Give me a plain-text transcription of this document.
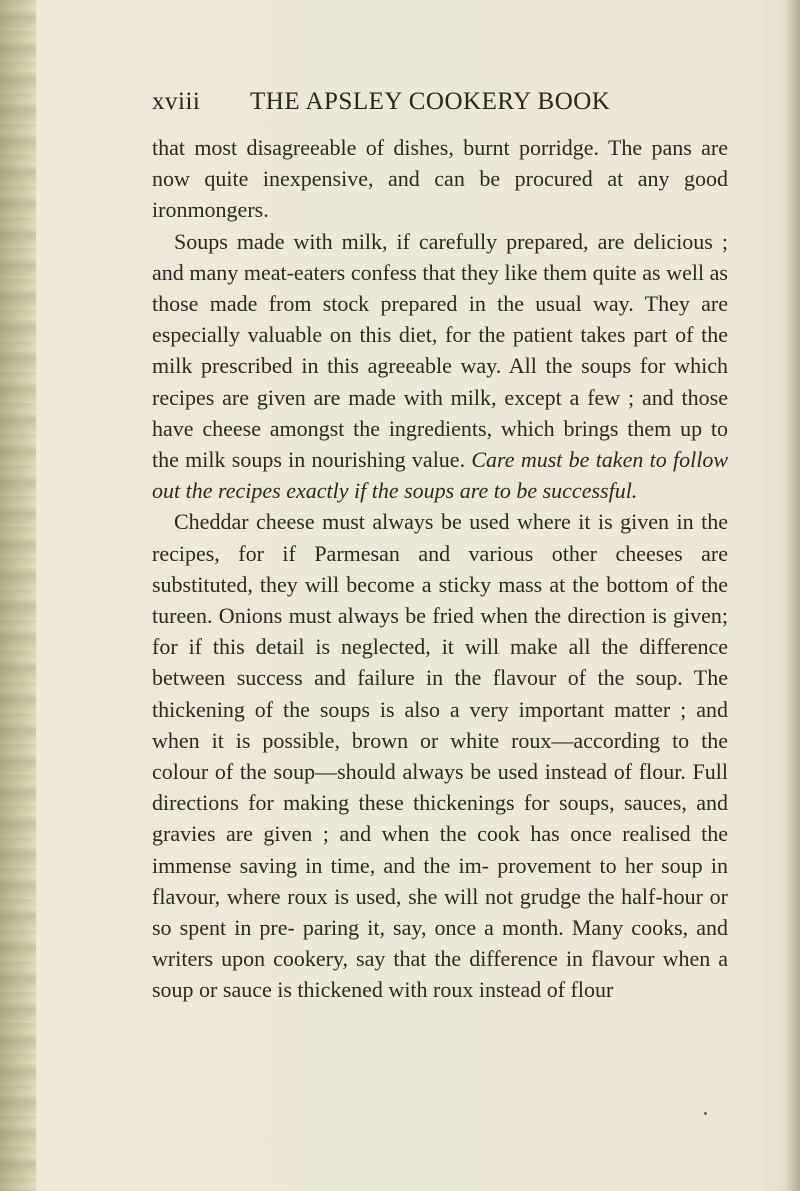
xviii THE APSLEY COOKERY BOOK

that most disagreeable of dishes, burnt porridge. The pans are now quite inexpensive, and can be procured at any good ironmongers.

Soups made with milk, if carefully prepared, are delicious ; and many meat-eaters confess that they like them quite as well as those made from stock prepared in the usual way. They are especially valuable on this diet, for the patient takes part of the milk prescribed in this agreeable way. All the soups for which recipes are given are made with milk, except a few ; and those have cheese amongst the ingredients, which brings them up to the milk soups in nourishing value. Care must be taken to follow out the recipes exactly if the soups are to be successful.

Cheddar cheese must always be used where it is given in the recipes, for if Parmesan and various other cheeses are substituted, they will become a sticky mass at the bottom of the tureen. Onions must always be fried when the direction is given; for if this detail is neglected, it will make all the difference between success and failure in the flavour of the soup. The thickening of the soups is also a very important matter ; and when it is possible, brown or white roux—according to the colour of the soup—should always be used instead of flour. Full directions for making these thickenings for soups, sauces, and gravies are given ; and when the cook has once realised the immense saving in time, and the im- provement to her soup in flavour, where roux is used, she will not grudge the half-hour or so spent in pre- paring it, say, once a month. Many cooks, and writers upon cookery, say that the difference in flavour when a soup or sauce is thickened with roux instead of flour
